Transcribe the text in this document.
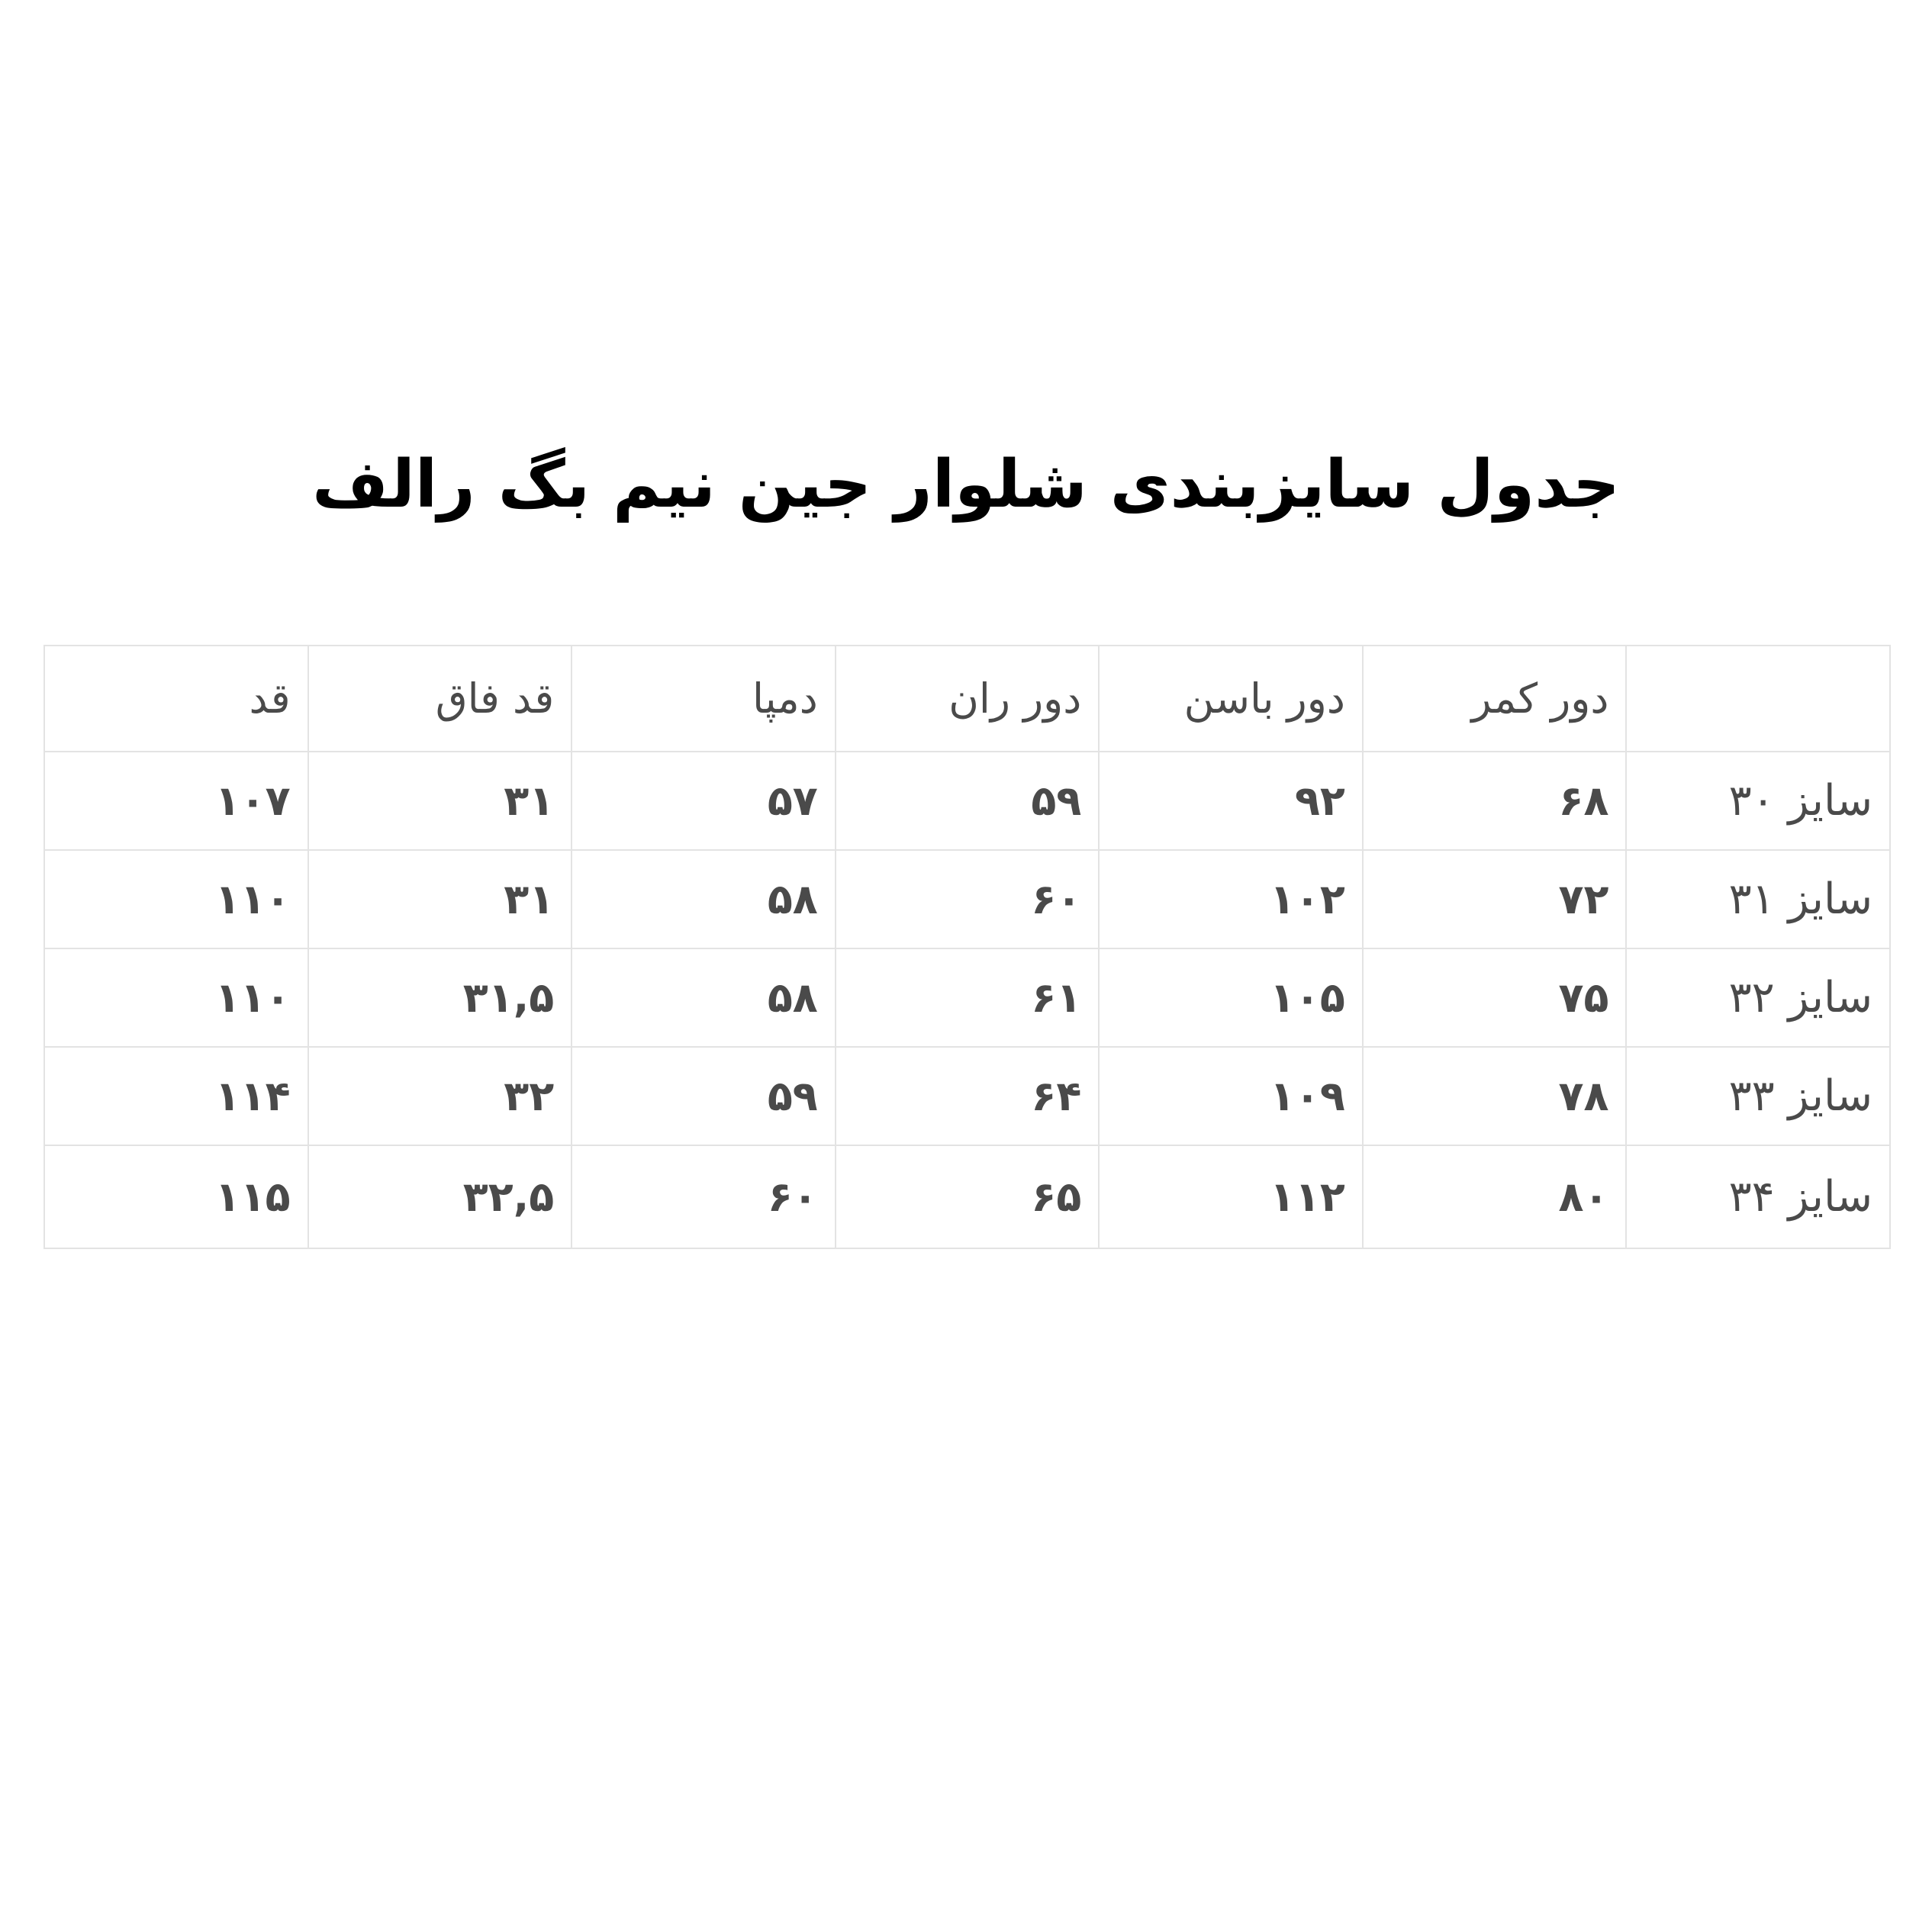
جدول سایزبندی شلوار جین نیم بگ رالف
	دور کمر	دور باسن	دور ران	دمپا	قد فاق	قد
سایز ۳۰	۶۸	۹۲	۵۹	۵۷	۳۱	۱۰۷
سایز ۳۱	۷۲	۱۰۲	۶۰	۵۸	۳۱	۱۱۰
سایز ۳۲	۷۵	۱۰۵	۶۱	۵۸	۳۱,۵	۱۱۰
سایز ۳۳	۷۸	۱۰۹	۶۴	۵۹	۳۲	۱۱۴
سایز ۳۴	۸۰	۱۱۲	۶۵	۶۰	۳۲,۵	۱۱۵
